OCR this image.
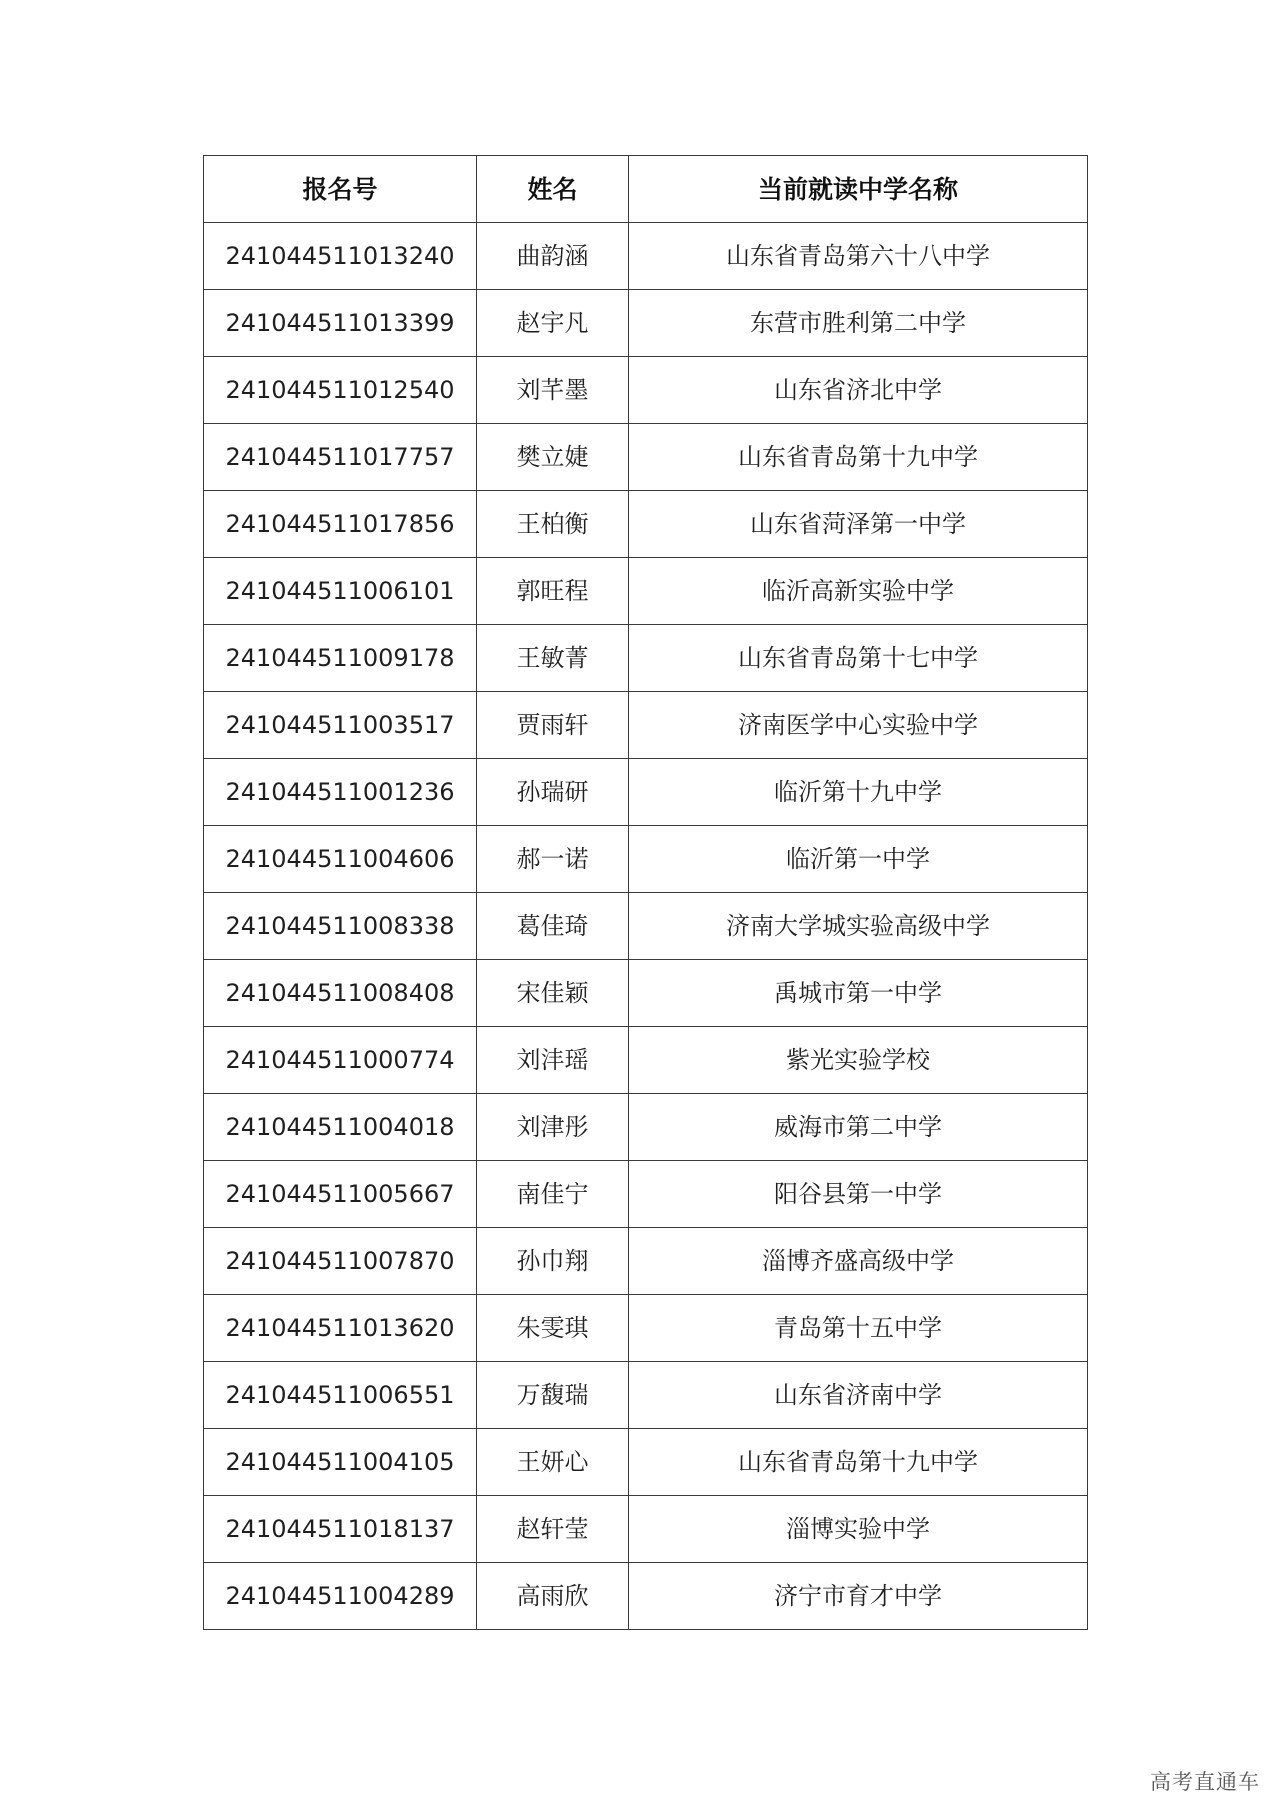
报名号	姓名	当前就读中学名称
241044511013240	曲韵涵	山东省青岛第六十八中学
241044511013399	赵宇凡	东营市胜利第二中学
241044511012540	刘芊墨	山东省济北中学
241044511017757	樊立婕	山东省青岛第十九中学
241044511017856	王柏衡	山东省菏泽第一中学
241044511006101	郭旺程	临沂高新实验中学
241044511009178	王敏菁	山东省青岛第十七中学
241044511003517	贾雨轩	济南医学中心实验中学
241044511001236	孙瑞研	临沂第十九中学
241044511004606	郝一诺	临沂第一中学
241044511008338	葛佳琦	济南大学城实验高级中学
241044511008408	宋佳颖	禹城市第一中学
241044511000774	刘沣瑶	紫光实验学校
241044511004018	刘津彤	威海市第二中学
241044511005667	南佳宁	阳谷县第一中学
241044511007870	孙巾翔	淄博齐盛高级中学
241044511013620	朱雯琪	青岛第十五中学
241044511006551	万馥瑞	山东省济南中学
241044511004105	王妍心	山东省青岛第十九中学
241044511018137	赵轩莹	淄博实验中学
241044511004289	高雨欣	济宁市育才中学
高考直通车
